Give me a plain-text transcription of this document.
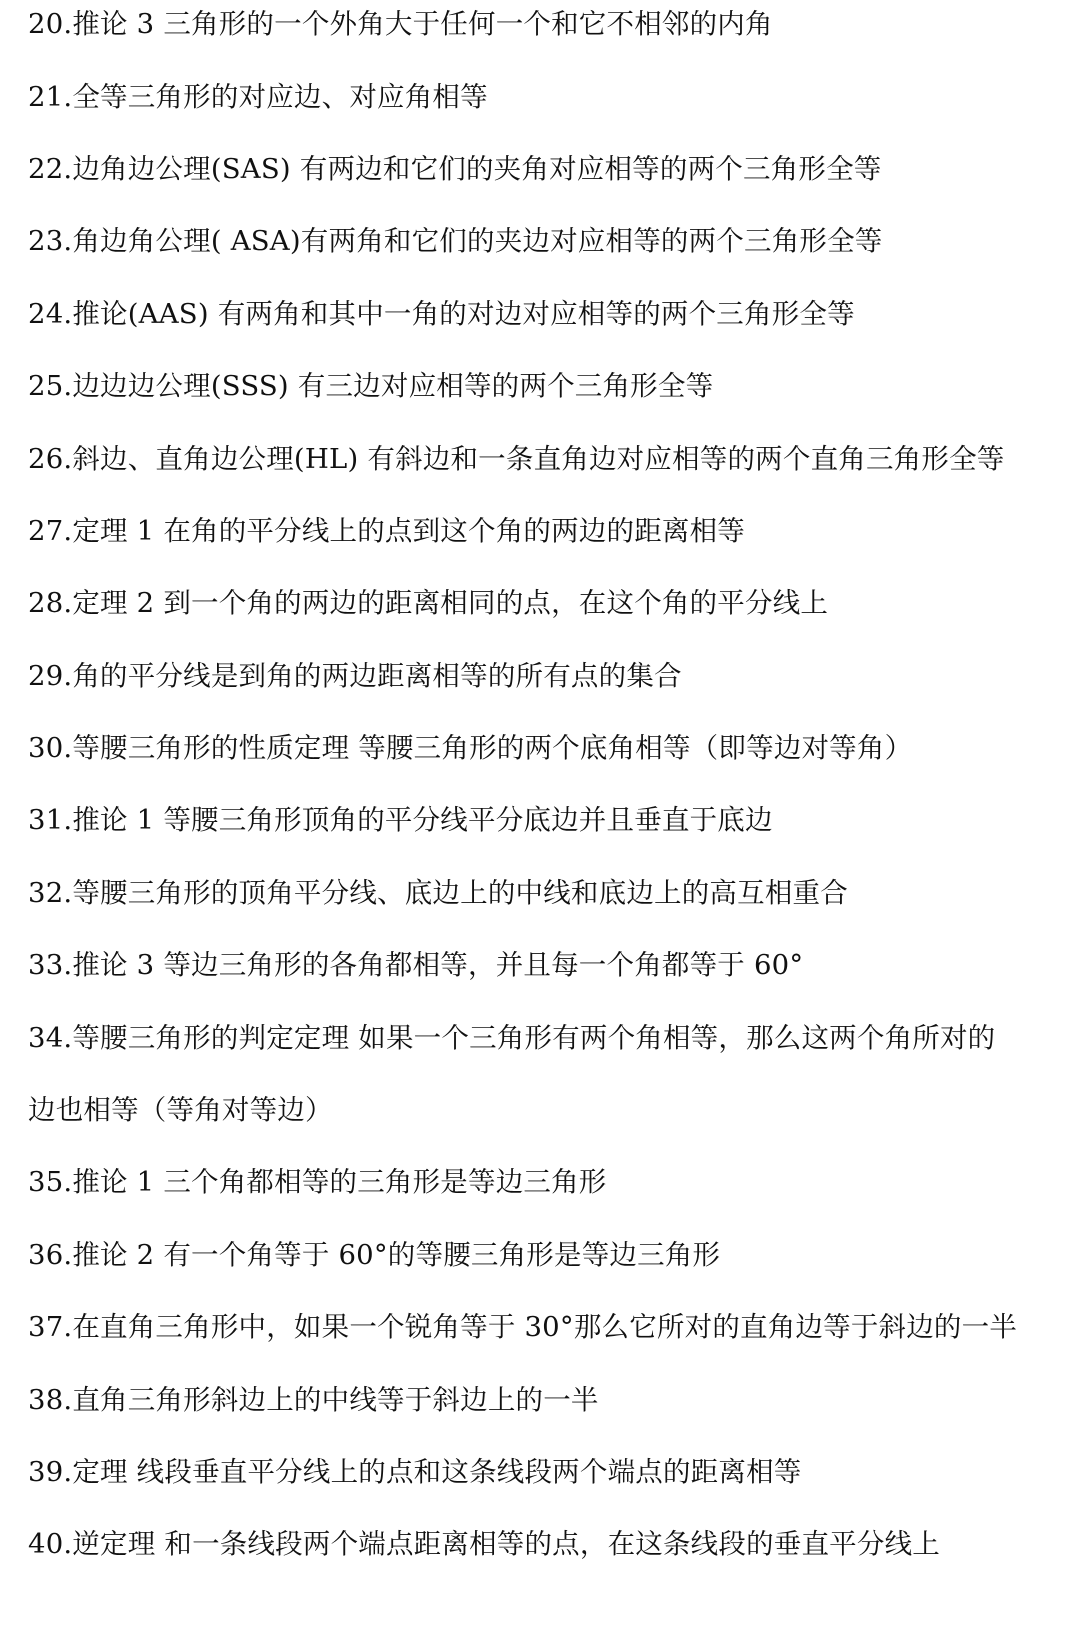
20.推论 3 三角形的一个外角大于任何一个和它不相邻的内角
21.全等三角形的对应边、对应角相等
22.边角边公理(SAS) 有两边和它们的夹角对应相等的两个三角形全等
23.角边角公理( ASA)有两角和它们的夹边对应相等的两个三角形全等
24.推论(AAS) 有两角和其中一角的对边对应相等的两个三角形全等
25.边边边公理(SSS) 有三边对应相等的两个三角形全等
26.斜边、直角边公理(HL) 有斜边和一条直角边对应相等的两个直角三角形全等
27.定理 1 在角的平分线上的点到这个角的两边的距离相等
28.定理 2 到一个角的两边的距离相同的点，在这个角的平分线上
29.角的平分线是到角的两边距离相等的所有点的集合
30.等腰三角形的性质定理 等腰三角形的两个底角相等（即等边对等角）
31.推论 1 等腰三角形顶角的平分线平分底边并且垂直于底边
32.等腰三角形的顶角平分线、底边上的中线和底边上的高互相重合
33.推论 3 等边三角形的各角都相等，并且每一个角都等于 60°
34.等腰三角形的判定定理 如果一个三角形有两个角相等，那么这两个角所对的
边也相等（等角对等边）
35.推论 1 三个角都相等的三角形是等边三角形
36.推论 2 有一个角等于 60°的等腰三角形是等边三角形
37.在直角三角形中，如果一个锐角等于 30°那么它所对的直角边等于斜边的一半
38.直角三角形斜边上的中线等于斜边上的一半
39.定理 线段垂直平分线上的点和这条线段两个端点的距离相等
40.逆定理 和一条线段两个端点距离相等的点，在这条线段的垂直平分线上
